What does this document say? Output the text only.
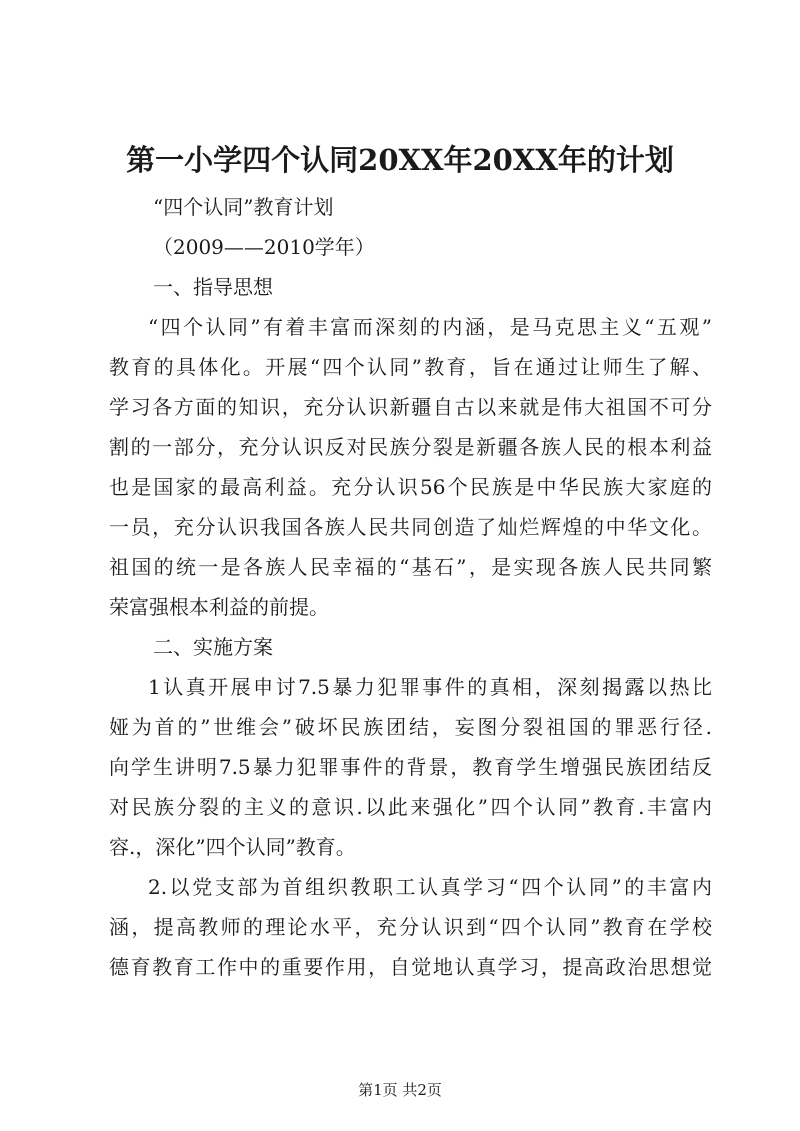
第一小学四个认同20XX年20XX年的计划
“四个认同”教育计划
（2009——2010学年）
一、指导思想
“四个认同”有着丰富而深刻的内涵，是马克思主义“五观”
教育的具体化。开展“四个认同”教育，旨在通过让师生了解、
学习各方面的知识，充分认识新疆自古以来就是伟大祖国不可分
割的一部分，充分认识反对民族分裂是新疆各族人民的根本利益
也是国家的最高利益。充分认识56个民族是中华民族大家庭的
一员，充分认识我国各族人民共同创造了灿烂辉煌的中华文化。
祖国的统一是各族人民幸福的“基石”，是实现各族人民共同繁
荣富强根本利益的前提。
二、实施方案
1认真开展申讨7.5暴力犯罪事件的真相，深刻揭露以热比
娅为首的”世维会”破坏民族团结，妄图分裂祖国的罪恶行径.
向学生讲明7.5暴力犯罪事件的背景，教育学生增强民族团结反
对民族分裂的主义的意识.以此来强化”四个认同”教育.丰富内
容.，深化”四个认同”教育。
2.以党支部为首组织教职工认真学习“四个认同”的丰富内
涵，提高教师的理论水平，充分认识到“四个认同”教育在学校
德育教育工作中的重要作用，自觉地认真学习，提高政治思想觉
第1页 共2页
